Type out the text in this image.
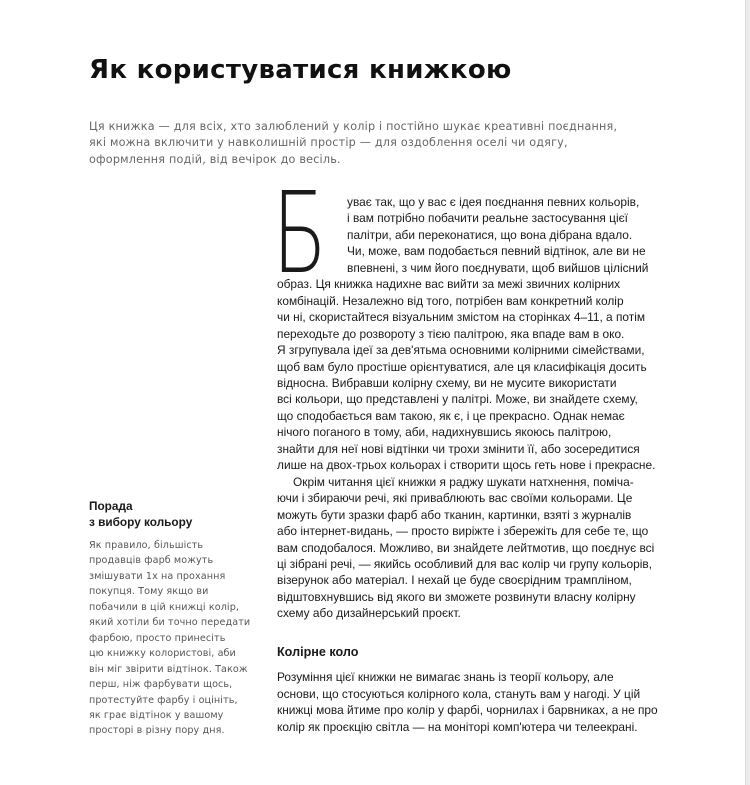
Як користуватися книжкою

Ця книжка — для всіх, хто залюблений у колір і постійно шукає креативні поєднання,
які можна включити у навколишній простір — для оздоблення оселі чи одягу,
оформлення подій, від вечірок до весіль.

Б	уває так, що у вас є ідея поєднання певних кольорів,
і вам потрібно побачити реальне застосування цієї
палітри, аби переконатися, що вона дібрана вдало.
Чи, може, вам подобається певний відтінок, але ви не
впевнені, з чим його поєднувати, щоб вийшов цілісний
образ. Ця книжка надихне вас вийти за межі звичних колірних
комбінацій. Незалежно від того, потрібен вам конкретний колір
чи ні, скористайтеся візуальним змістом на сторінках 4–11, а потім
переходьте до розвороту з тією палітрою, яка впаде вам в око.
Я згрупувала ідеї за дев'ятьма основними колірними сімействами,
щоб вам було простіше орієнтуватися, але ця класифікація досить
відносна. Вибравши колірну схему, ви не мусите використати
всі кольори, що представлені у палітрі. Може, ви знайдете схему,
що сподобається вам такою, як є, і це прекрасно. Однак немає
нічого поганого в тому, аби, надихнувшись якоюсь палітрою,
знайти для неї нові відтінки чи трохи змінити її, або зосередитися
лише на двох-трьох кольорах і створити щось геть нове і прекрасне.
Окрім читання цієї книжки я раджу шукати натхнення, поміча-
ючи і збираючи речі, які приваблюють вас своїми кольорами. Це
можуть бути зразки фарб або тканин, картинки, взяті з журналів
або інтернет-видань, — просто виріжте і збережіть для себе те, що
вам сподобалося. Можливо, ви знайдете лейтмотив, що поєднує всі
ці зібрані речі, — якийсь особливий для вас колір чи групу кольорів,
візерунок або матеріал. І нехай це буде своєрідним трампліном,
відштовхнувшись від якого ви зможете розвинути власну колірну
схему або дизайнерський проєкт.
Колірне коло
Розуміння цієї книжки не вимагає знань із теорії кольору, але
основи, що стосуються колірного кола, стануть вам у нагоді. У цій
книжці мова йтиме про колір у фарбі, чорнилах і барвниках, а не про
колір як проєкцію світла — на моніторі комп'ютера чи телеекрані.
Порада
з вибору кольору
Як правило, більшість
продавців фарб можуть
змішувати 1x на прохання
покупця. Тому якщо ви
побачили в цій книжці колір,
який хотіли би точно передати
фарбою, просто принесіть
цю книжку колористові, аби
він міг звірити відтінок. Також
перш, ніж фарбувати щось,
протестуйте фарбу і оцініть,
як грає відтінок у вашому
просторі в різну пору дня.
